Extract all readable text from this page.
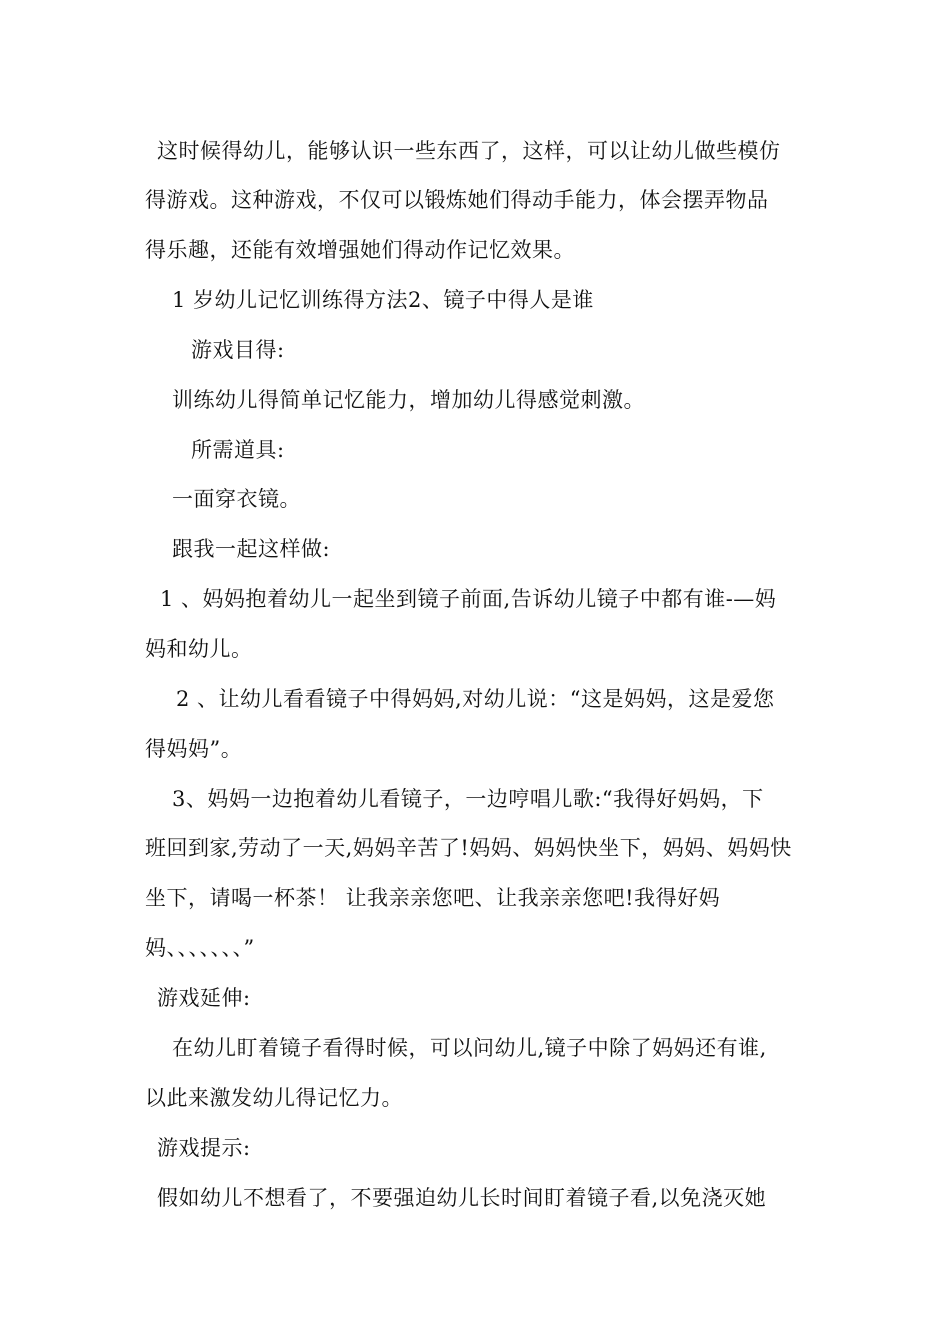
这时候得幼儿，能够认识一些东西了，这样，可以让幼儿做些模仿

得游戏。这种游戏，不仅可以锻炼她们得动手能力，体会摆弄物品

得乐趣，还能有效增强她们得动作记忆效果。

1 岁幼儿记忆训练得方法2、镜子中得人是谁

游戏目得:

训练幼儿得简单记忆能力，增加幼儿得感觉刺激。

所需道具:

一面穿衣镜。

跟我一起这样做:

1 、妈妈抱着幼儿一起坐到镜子前面,告诉幼儿镜子中都有谁-—妈

妈和幼儿。

2 、让幼儿看看镜子中得妈妈,对幼儿说：“这是妈妈，这是爱您

得妈妈”。

3、妈妈一边抱着幼儿看镜子，一边哼唱儿歌:“我得好妈妈，下

班回到家,劳动了一天,妈妈辛苦了!妈妈、妈妈快坐下，妈妈、妈妈快

坐下，请喝一杯茶！ 让我亲亲您吧、让我亲亲您吧!我得好妈

妈、、、、、、、”

游戏延伸:

在幼儿盯着镜子看得时候，可以问幼儿,镜子中除了妈妈还有谁,

以此来激发幼儿得记忆力。

游戏提示:

假如幼儿不想看了，不要强迫幼儿长时间盯着镜子看,以免浇灭她
